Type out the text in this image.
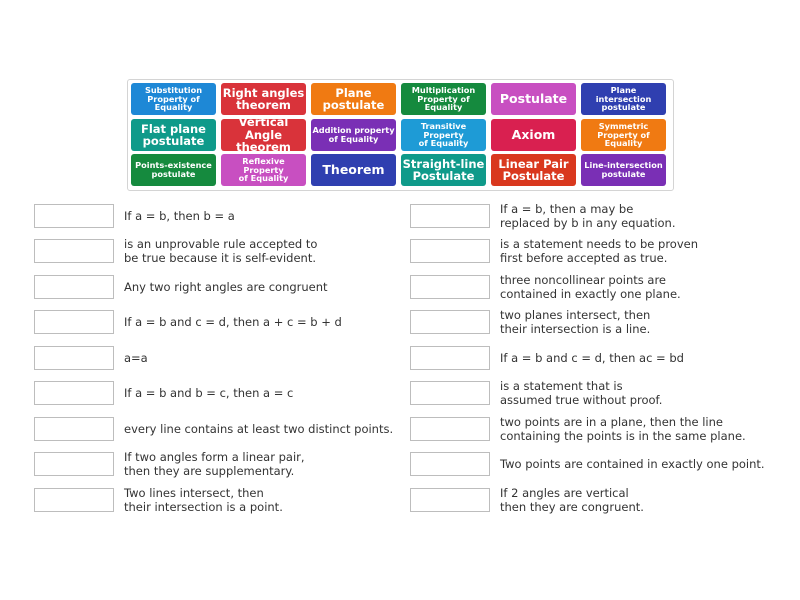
Substitution
Property of Equality
Right angles
theorem
Plane
postulate
Multiplication
Property of Equality
Postulate
Plane intersection
postulate
Flat plane
postulate
Vertical Angle
theorem
Addition property
of Equality
Transitive Property
of Equality
Axiom
Symmetric
Property of Equality
Points-existence
postulate
Reflexive Property
of Equality
Theorem	Straight-line
Postulate
Linear Pair
Postulate
Line-intersection
postulate
If a = b, then b = a
is an unprovable rule accepted to
be true because it is self-evident.
Any two right angles are congruent
If a = b and c = d, then a + c = b + d
a=a
If a = b and b = c, then a = c
every line contains at least two distinct points.
If two angles form a linear pair,
then they are supplementary.
Two lines intersect, then
their intersection is a point.
If a = b, then a may be
replaced by b in any equation.
is a statement needs to be proven
first before accepted as true.
three noncollinear points are
contained in exactly one plane.
two planes intersect, then
their intersection is a line.
If a = b and c = d, then ac = bd
is a statement that is
assumed true without proof.
two points are in a plane, then the line
containing the points is in the same plane.
Two points are contained in exactly one point.
If 2 angles are vertical
then they are congruent.
